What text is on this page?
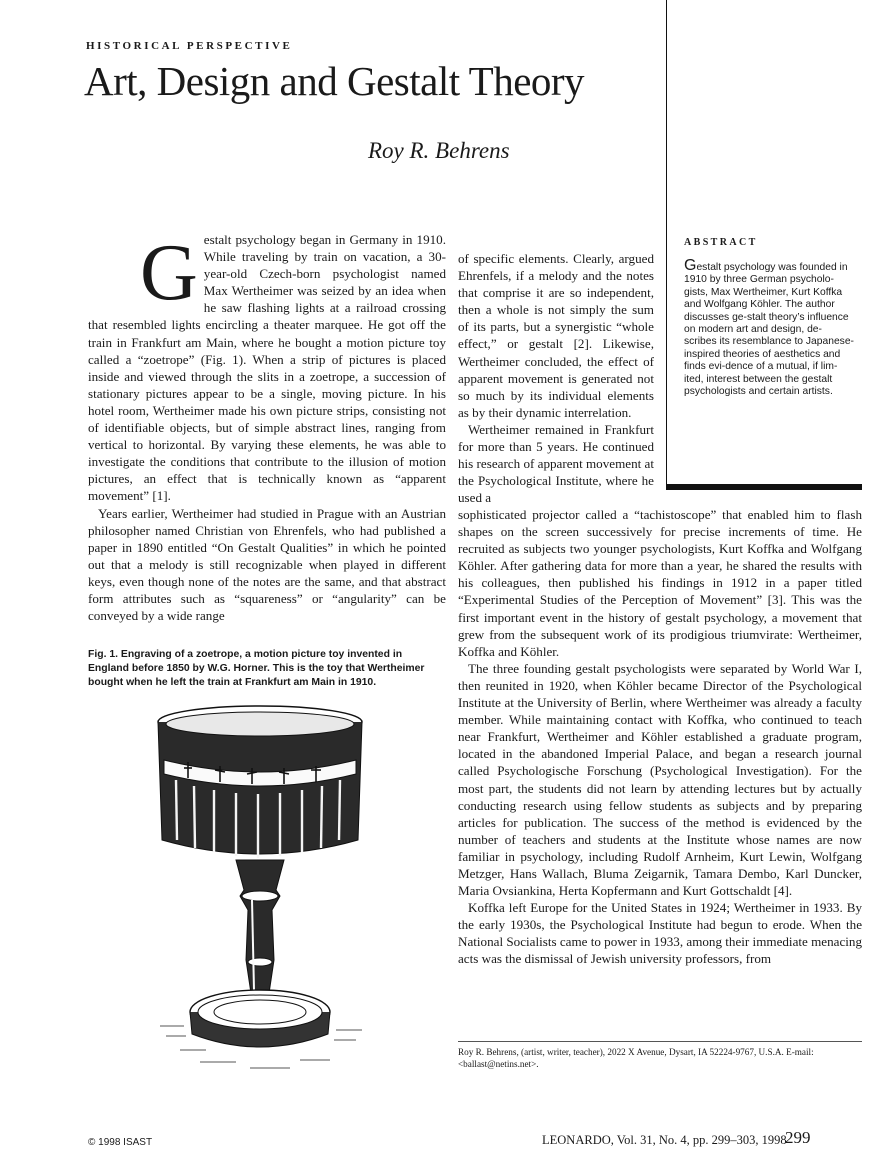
HISTORICAL PERSPECTIVE
Art, Design and Gestalt Theory
Roy R. Behrens
ABSTRACT
Gestalt psychology was founded in 1910 by three German psycholo-gists, Max Wertheimer, Kurt Koffka and Wolfgang Köhler. The author discusses ge-stalt theory’s influence on modern art and design, de-scribes its resemblance to Japanese-inspired theories of aesthetics and finds evi-dence of a mutual, if lim-ited, interest between the gestalt psychologists and certain artists.

Gestalt psychology began in Germany in 1910. While traveling by train on vacation, a 30-year-old Czech-born psychologist named Max Wertheimer was seized by an idea when he saw flashing lights at a railroad crossing that resembled lights encircling a theater marquee. He got off the train in Frankfurt am Main, where he bought a motion picture toy called a “zoetrope” (Fig. 1). When a strip of pictures is placed inside and viewed through the slits in a zoetrope, a succession of stationary pictures appear to be a single, moving picture. In his hotel room, Wertheimer made his own picture strips, consisting not of identifiable objects, but of simple abstract lines, ranging from vertical to horizontal. By varying these elements, he was able to investigate the conditions that contribute to the illusion of motion pictures, an effect that is technically known as “apparent movement” [1].

Years earlier, Wertheimer had studied in Prague with an Austrian philosopher named Christian von Ehrenfels, who had published a paper in 1890 entitled “On Gestalt Qualities” in which he pointed out that a melody is still recognizable when played in different keys, even though none of the notes are the same, and that abstract form attributes such as “squareness” or “angularity” can be conveyed by a wide range

of specific elements. Clearly, argued Ehrenfels, if a melody and the notes that comprise it are so independent, then a whole is not simply the sum of its parts, but a synergistic “whole effect,” or gestalt [2]. Likewise, Wertheimer concluded, the effect of apparent movement is generated not so much by its individual elements as by their dynamic interrelation.

Wertheimer remained in Frankfurt for more than 5 years. He continued his research of apparent movement at the Psychological Institute, where he used a

sophisticated projector called a “tachistoscope” that enabled him to flash shapes on the screen successively for precise increments of time. He recruited as subjects two younger psychologists, Kurt Koffka and Wolfgang Köhler. After gathering data for more than a year, he shared the results with his colleagues, then published his findings in 1912 in a paper titled “Experimental Studies of the Perception of Movement” [3]. This was the first important event in the history of gestalt psychology, a movement that grew from the subsequent work of its prodigious triumvirate: Wertheimer, Koffka and Köhler.

The three founding gestalt psychologists were separated by World War I, then reunited in 1920, when Köhler became Director of the Psychological Institute at the University of Berlin, where Wertheimer was already a faculty member. While maintaining contact with Koffka, who continued to teach near Frankfurt, Wertheimer and Köhler established a graduate program, located in the abandoned Imperial Palace, and began a research journal called Psychologische Forschung (Psychological Investigation). For the most part, the students did not learn by attending lectures but by actually conducting research using fellow students as subjects and by preparing articles for publication. The success of the method is evidenced by the number of teachers and students at the Institute whose names are now familiar in psychology, including Rudolf Arnheim, Kurt Lewin, Wolfgang Metzger, Hans Wallach, Bluma Zeigarnik, Tamara Dembo, Karl Duncker, Maria Ovsiankina, Herta Kopfermann and Kurt Gottschaldt [4].

Koffka left Europe for the United States in 1924; Wertheimer in 1933. By the early 1930s, the Psychological Institute had begun to erode. When the National Socialists came to power in 1933, among their immediate menacing acts was the dismissal of Jewish university professors, from

Fig. 1. Engraving of a zoetrope, a motion picture toy invented in England before 1850 by W.G. Horner. This is the toy that Wertheimer bought when he left the train at Frankfurt am Main in 1910.
Roy R. Behrens, (artist, writer, teacher), 2022 X Avenue, Dysart, IA 52224-9767, U.S.A. E-mail: <ballast@netins.net>.
© 1998 ISAST	LEONARDO, Vol. 31, No. 4, pp. 299–303, 1998
299
